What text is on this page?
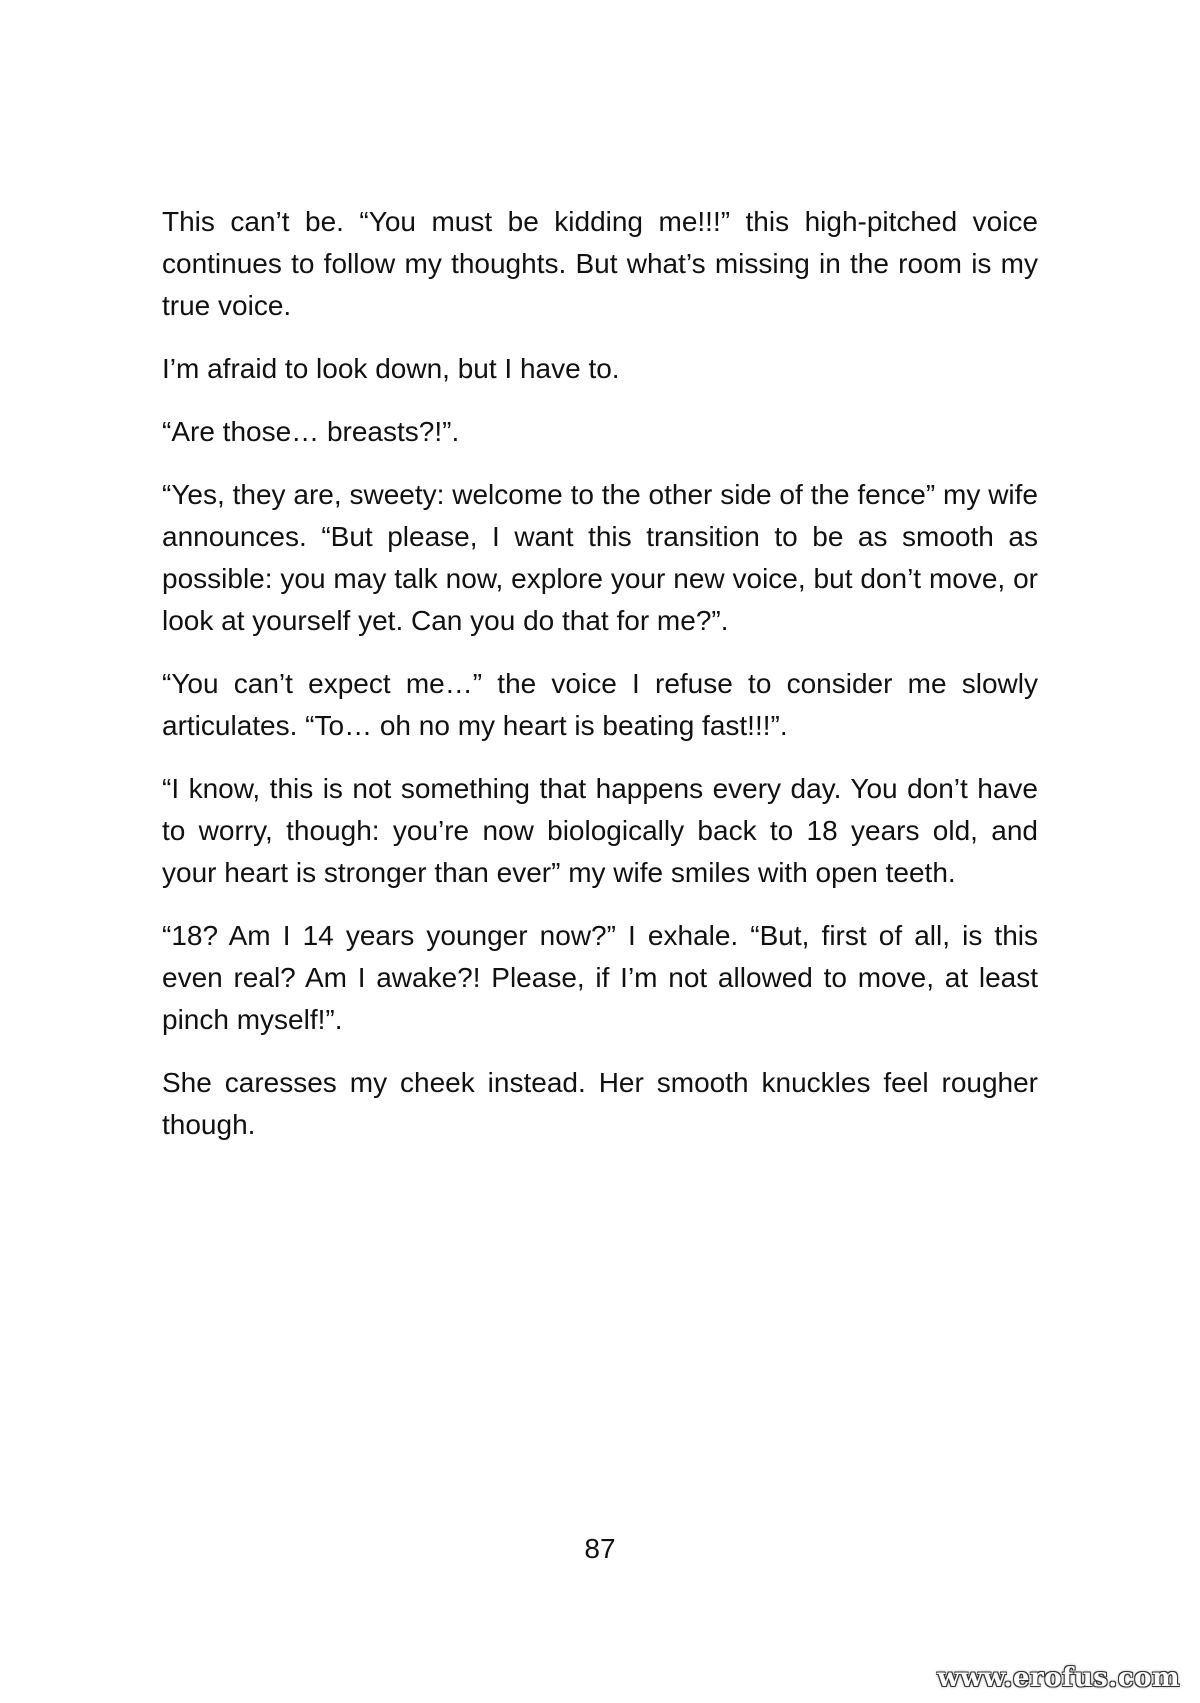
This can’t be. “You must be kidding me!!!” this high-pitched voice continues to follow my thoughts. But what’s missing in the room is my true voice.

I’m afraid to look down, but I have to.

“Are those… breasts?!”.

“Yes, they are, sweety: welcome to the other side of the fence” my wife announces. “But please, I want this transition to be as smooth as possible: you may talk now, explore your new voice, but don’t move, or look at yourself yet. Can you do that for me?”.

“You can’t expect me…” the voice I refuse to consider me slowly articulates. “To… oh no my heart is beating fast!!!”.

“I know, this is not something that happens every day. You don’t have to worry, though: you’re now biologically back to 18 years old, and your heart is stronger than ever” my wife smiles with open teeth.

“18? Am I 14 years younger now?” I exhale. “But, first of all, is this even real? Am I awake?! Please, if I’m not allowed to move, at least pinch myself!”.

She caresses my cheek instead. Her smooth knuckles feel rougher though.

87
www.erofus.com
